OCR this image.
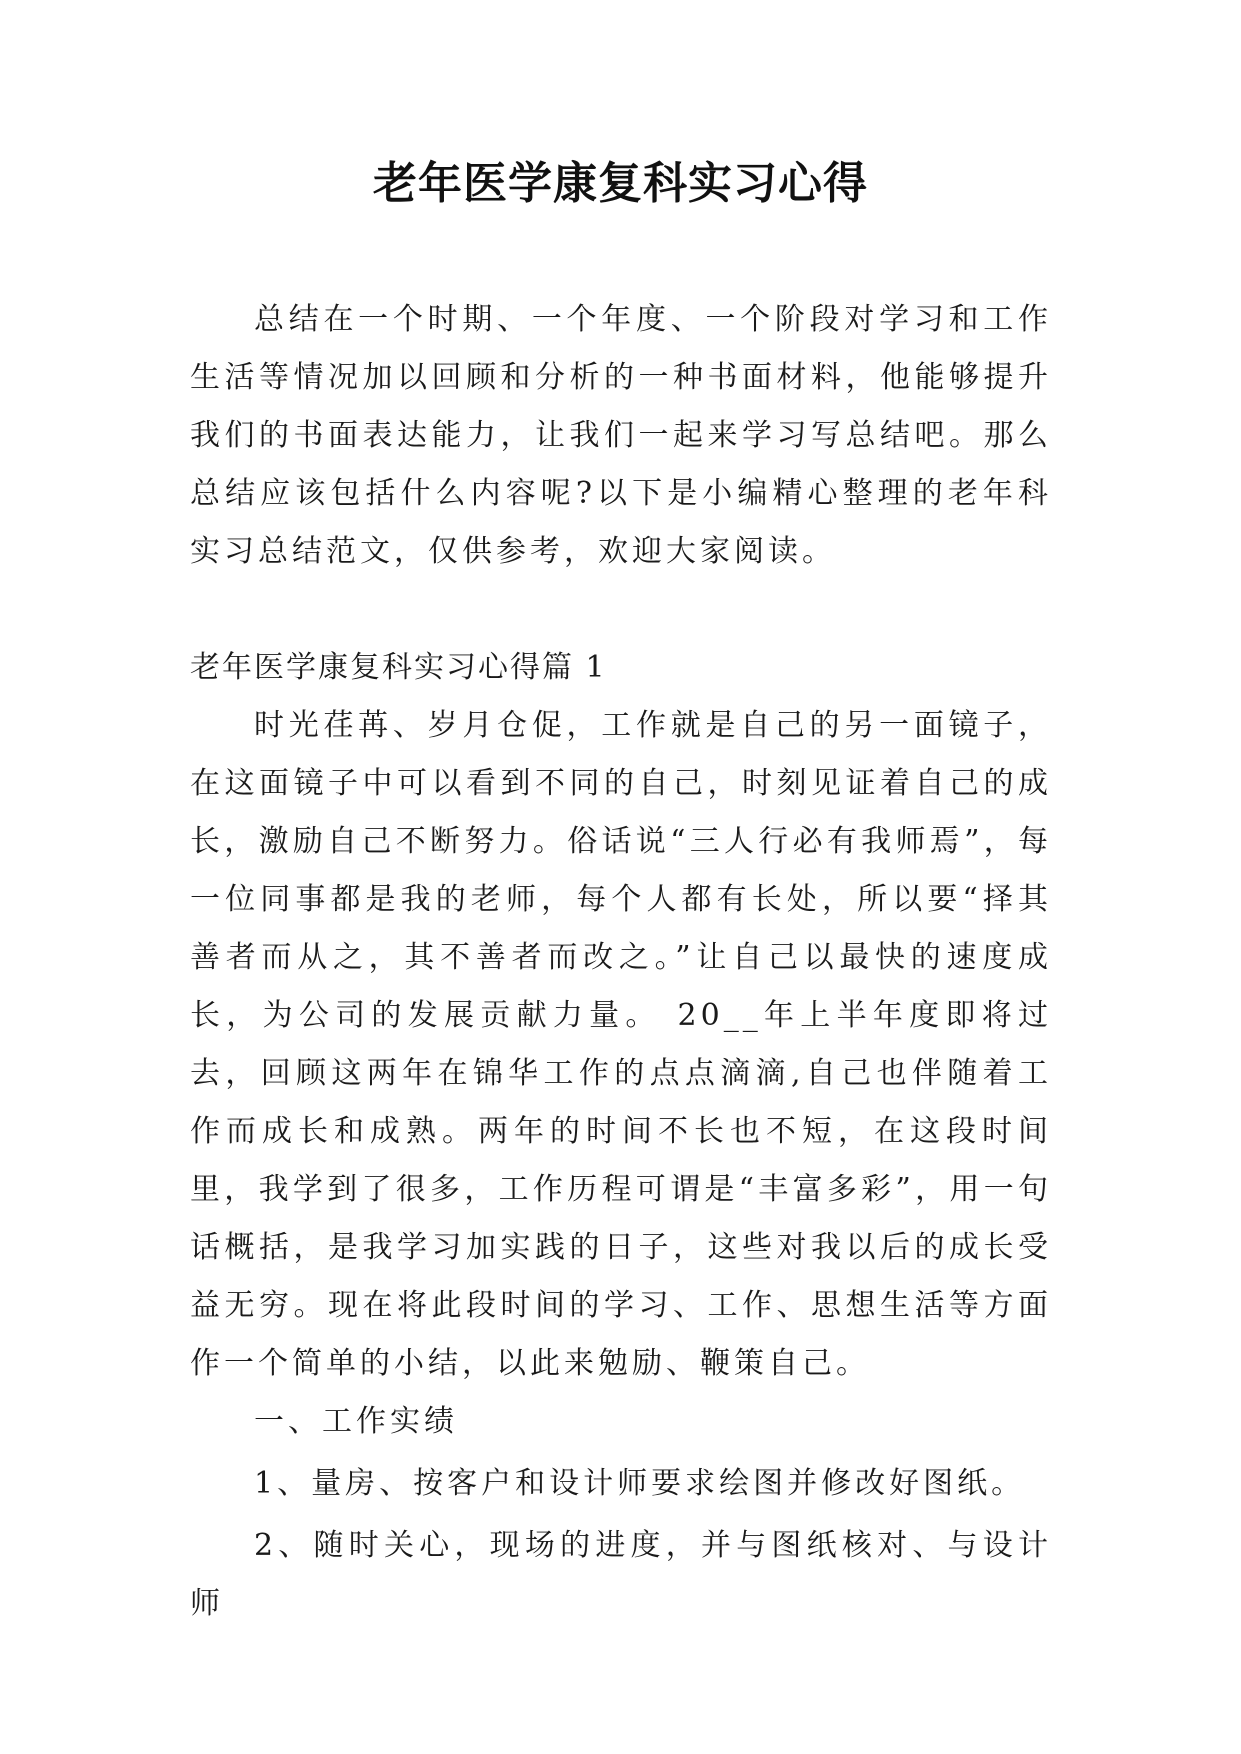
老年医学康复科实习心得

总结在一个时期、一个年度、一个阶段对学习和工作生活等情况加以回顾和分析的一种书面材料，他能够提升我们的书面表达能力，让我们一起来学习写总结吧。那么总结应该包括什么内容呢?以下是小编精心整理的老年科实习总结范文，仅供参考，欢迎大家阅读。

老年医学康复科实习心得篇 1

时光荏苒、岁月仓促，工作就是自己的另一面镜子，在这面镜子中可以看到不同的自己，时刻见证着自己的成长，激励自己不断努力。俗话说“三人行必有我师焉”，每一位同事都是我的老师，每个人都有长处，所以要“择其善者而从之，其不善者而改之。”让自己以最快的速度成长，为公司的发展贡献力量。 20__年上半年度即将过去，回顾这两年在锦华工作的点点滴滴,自己也伴随着工作而成长和成熟。两年的时间不长也不短，在这段时间里，我学到了很多，工作历程可谓是“丰富多彩”，用一句话概括，是我学习加实践的日子，这些对我以后的成长受益无穷。现在将此段时间的学习、工作、思想生活等方面作一个简单的小结，以此来勉励、鞭策自己。

一、工作实绩

1、量房、按客户和设计师要求绘图并修改好图纸。

2、随时关心，现场的进度，并与图纸核对、与设计师
